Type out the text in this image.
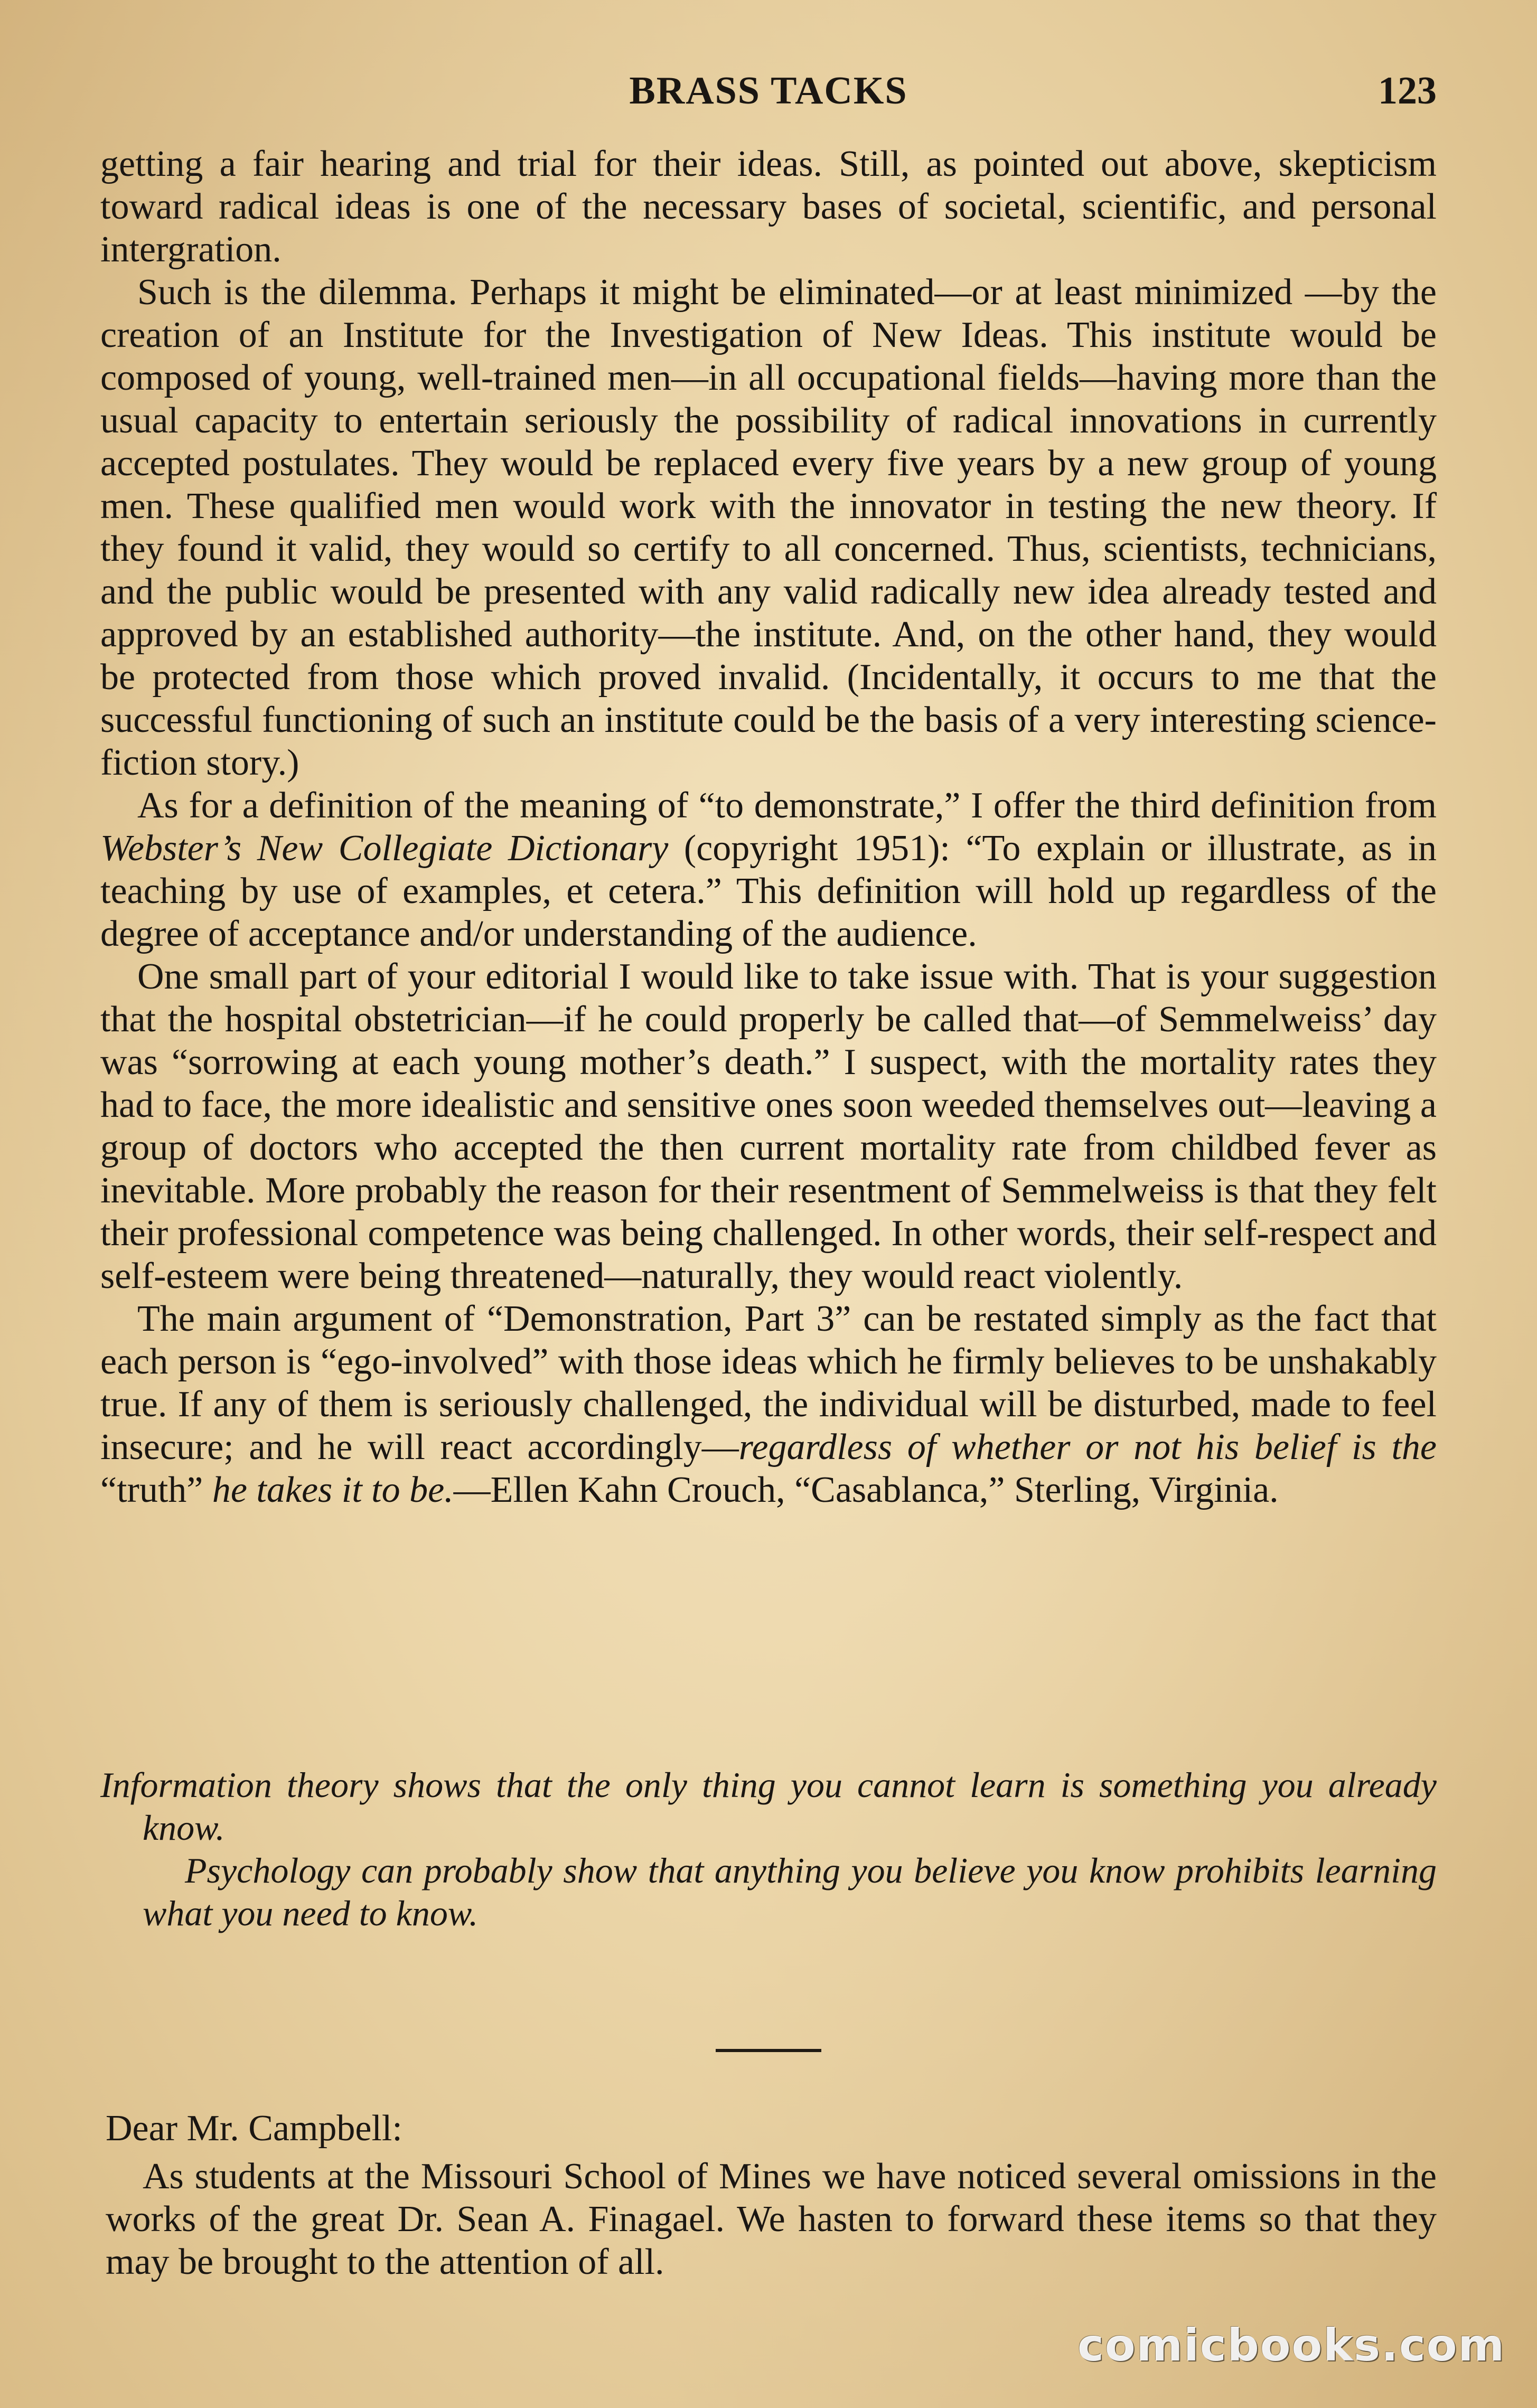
BRASS TACKS	123

getting a fair hearing and trial for their ideas. Still, as pointed out above, skepticism toward radical ideas is one of the necessary bases of societal, scientific, and personal intergration.

Such is the dilemma. Perhaps it might be eliminated—or at least minimized —by the creation of an Institute for the Investigation of New Ideas. This institute would be composed of young, well-trained men—in all occupational fields—having more than the usual capacity to entertain seriously the possibility of radical innovations in currently accepted postulates. They would be replaced every five years by a new group of young men. These qualified men would work with the innovator in testing the new theory. If they found it valid, they would so certify to all concerned. Thus, scientists, technicians, and the public would be presented with any valid radically new idea already tested and approved by an established authority—the institute. And, on the other hand, they would be protected from those which proved invalid. (Incidentally, it occurs to me that the successful functioning of such an institute could be the basis of a very interesting science-fiction story.)

As for a definition of the meaning of “to demonstrate,” I offer the third definition from Webster’s New Collegiate Dictionary (copyright 1951): “To explain or illustrate, as in teaching by use of examples, et cetera.” This definition will hold up regardless of the degree of acceptance and/or understanding of the audience.

One small part of your editorial I would like to take issue with. That is your suggestion that the hospital obstetrician—if he could properly be called that—of Semmelweiss’ day was “sorrowing at each young mother’s death.” I suspect, with the mortality rates they had to face, the more idealistic and sensitive ones soon weeded themselves out—leaving a group of doctors who accepted the then current mortality rate from childbed fever as inevitable. More probably the reason for their resentment of Semmelweiss is that they felt their professional competence was being challenged. In other words, their self-respect and self-esteem were being threatened—naturally, they would react violently.

The main argument of “Demonstration, Part 3” can be restated simply as the fact that each person is “ego-involved” with those ideas which he firmly believes to be unshakably true. If any of them is seriously challenged, the individual will be disturbed, made to feel insecure; and he will react accordingly—regardless of whether or not his belief is the “truth” he takes it to be.—Ellen Kahn Crouch, “Casablanca,” Sterling, Virginia.

Information theory shows that the only thing you cannot learn is something you already know.

Psychology can probably show that anything you believe you know prohibits learning what you need to know.

Dear Mr. Campbell:

As students at the Missouri School of Mines we have noticed several omissions in the works of the great Dr. Sean A. Finagael. We hasten to forward these items so that they may be brought to the attention of all.

comicbooks.com
